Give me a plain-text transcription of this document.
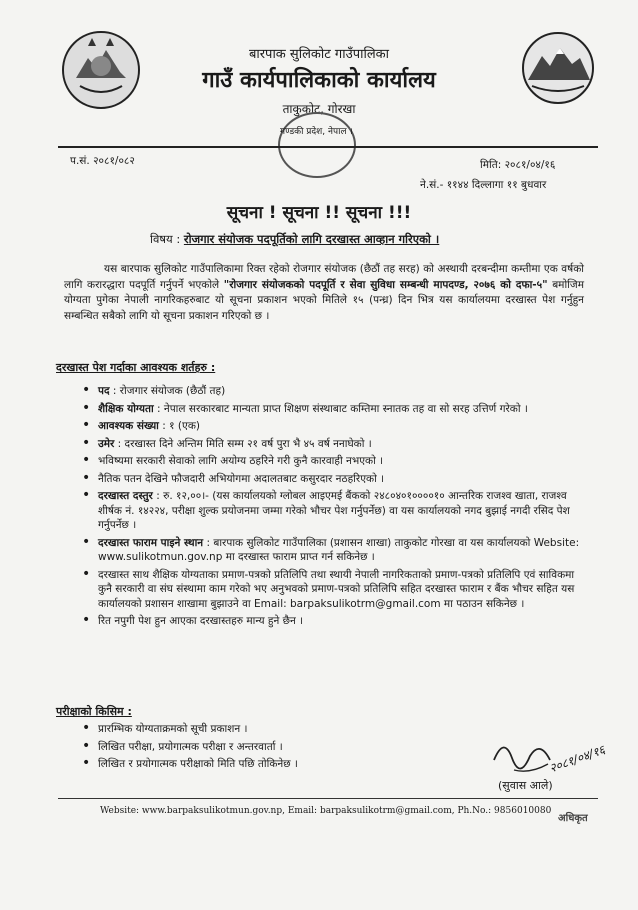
बारपाक सुलिकोट गाउँपालिका
गाउँ कार्यपालिकाको कार्यालय
ताकुकोट, गोरखा
गण्डकी प्रदेश, नेपाल ।
प.सं. २०८१/०८२	मिति: २०८१/०४/१६
ने.सं.- ११४४ दिल्लागा ११ बुधवार
सूचना ! सूचना !! सूचना !!!
विषय : रोजगार संयोजक पदपूर्तिको लागि दरखास्त आव्हान गरिएको ।
यस बारपाक सुलिकोट गाउँपालिकामा रिक्त रहेको रोजगार संयोजक (छैठौं तह सरह) को अस्थायी दरबन्दीमा कम्तीमा एक वर्षको लागि करारद्धारा पदपूर्ति गर्नुपर्ने भएकोले "रोजगार संयोजकको पदपूर्ति र सेवा सुविधा सम्बन्धी मापदण्ड, २०७६ को दफा-५" बमोजिम योग्यता पुगेका नेपाली नागरिकहरुबाट यो सूचना प्रकाशन भएको मितिले १५ (पन्ध्र) दिन भित्र यस कार्यालयमा दरखास्त पेश गर्नुहुन सम्बन्धित सबैको लागि यो सूचना प्रकाशन गरिएको छ ।
दरखास्त पेश गर्दाका आवश्यक शर्तहरु :
• पद : रोजगार संयोजक (छैठौं तह)
• शैक्षिक योग्यता : नेपाल सरकारबाट मान्यता प्राप्त शिक्षण संस्थाबाट कम्तिमा स्नातक तह वा सो सरह उत्तिर्ण गरेको ।
• आवश्यक संख्या : १ (एक)
• उमेर : दरखास्त दिने अन्तिम मिति सम्म २१ वर्ष पुरा भै ४५ वर्ष ननाघेको ।
• भविष्यमा सरकारी सेवाको लागि अयोग्य ठहरिने गरी कुनै कारवाही नभएको ।
• नैतिक पतन देखिने फौजदारी अभियोगमा अदालतबाट कसुरदार नठहरिएको ।
• दरखास्त दस्तुर : रु. १२,००।- (यस कार्यालयको ग्लोबल आइएमई बैंकको २४८०४०१००००१० आन्तरिक राजश्व खाता, राजश्व शीर्षक नं. १४२२४, परीक्षा शुल्क प्रयोजनमा जम्मा गरेको भौचर पेश गर्नुपर्नेछ) वा यस कार्यालयको नगद बुझाई नगदी रसिद पेश गर्नुपर्नेछ ।
• दरखास्त फाराम पाइने स्थान : बारपाक सुलिकोट गाउँपालिका (प्रशासन शाखा) ताकुकोट गोरखा वा यस कार्यालयको Website: www.sulikotmun.gov.np मा दरखास्त फाराम प्राप्त गर्न सकिनेछ ।
• दरखास्त साथ शैक्षिक योग्यताका प्रमाण-पत्रको प्रतिलिपि तथा स्थायी नेपाली नागरिकताको प्रमाण-पत्रको प्रतिलिपि एवं साविकमा कुनै सरकारी वा संघ संस्थामा काम गरेको भए अनुभवको प्रमाण-पत्रको प्रतिलिपि सहित दरखास्त फाराम र बैंक भौचर सहित यस कार्यालयको प्रशासन शाखामा बुझाउने वा Email: barpaksulikotrm@gmail.com मा पठाउन सकिनेछ ।
• रित नपुगी पेश हुन आएका दरखास्तहरु मान्य हुने छैन ।
परीक्षाको किसिम :
• प्रारम्भिक योग्यताक्रमको सूची प्रकाशन ।
• लिखित परीक्षा, प्रयोगात्मक परीक्षा र अन्तरवार्ता ।
• लिखित र प्रयोगात्मक परीक्षाको मिति पछि तोकिनेछ ।	२०८१/०४/१६
(सुवास आले)
Website: www.barpaksulikotmun.gov.np, Email: barpaksulikotrm@gmail.com, Ph.No.: 9856010080
अधिकृत
